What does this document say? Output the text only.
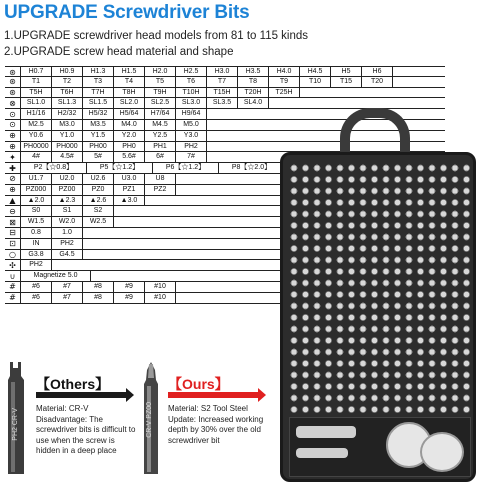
UPGRADE Screwdriver Bits
1.UPGRADE screwdriver head models from 81 to 115 kinds
2.UPGRADE screw head material and shape
⊛	H0.7	H0.9	H1.3	H1.5	H2.0	H2.5	H3.0	H3.5	H4.0	H4.5	H5	H6
⊛	T1	T2	T3	T4	T5	T6	T7	T8	T9	T10	T15	T20
⊛	T5H	T6H	T7H	T8H	T9H	T10H	T15H	T20H	T25H
⊗	SL1.0	SL1.3	SL1.5	SL2.0	SL2.5	SL3.0	SL3.5	SL4.0
⊙	H1/16	H2/32	H5/32	H5/64	H7/64	H9/64
⊙	M2.5	M3.0	M3.5	M4.0	M4.5	M5.0
⊕	Y0.6	Y1.0	Y1.5	Y2.0	Y2.5	Y3.0
⊕	PH0000	PH000	PH00	PH0	PH1	PH2
✦	4#	4.5#	5#	5.6#	6#	7#
✚	P2【☆0.8】	P5【☆1.2】	P6【☆1.2】	P8【☆2.0】
⊘	U1.7	U2.0	U2.6	U3.0	U8
⊕	PZ000	PZ00	PZ0	PZ1	PZ2
▲	▲2.0	▲2.3	▲2.6	▲3.0
⊖	S0	S1	S2
⊠	W1.5	W2.0	W2.5
⊟	0.8	1.0
⊡	IN	PH2
○	G3.8	G4.5
✣	PH2
∪	Magnetize 5.0
#	#6	#7	#8	#9	#10
#	#6	#7	#8	#9	#10
PH2 CR-V	CR-V PZ00
【Others】
Material: CR-V
Disadvantage: The screwdriver bits is difficult to use when the screw is hidden in a deep place
【Ours】
Material: S2 Tool Steel
Update: Increased working depth by 30% over the old screwdriver bit
